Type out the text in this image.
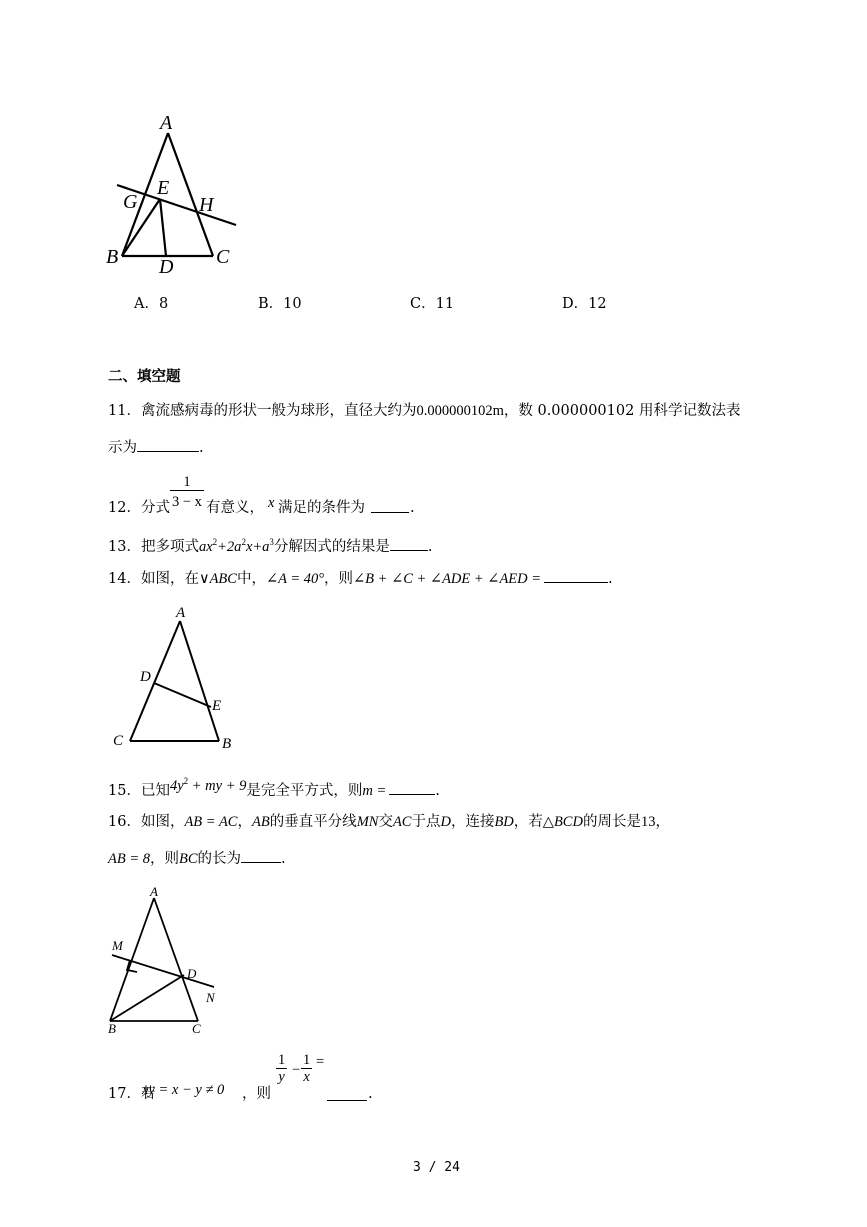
A
E
G	H
B	C
D
A．8	B．10	C．11	D．12
二、填空题
11．禽流感病毒的形状一般为球形，直径大约为0.000000102m，数 0.000000102 用科学记数法表
示为	.
12．分式 $\frac{1}{3 - x}$ 有意义， x 满足的条件为	.
13．把多项式$ax^2+2a^2x+a^3$分解因式的结果是	.
14．如图，在∨ABC中，∠A = 40°，则∠B + ∠C + ∠ADE + ∠AED =	.
A
D
E
C	B
15．已知$4y^2$ + my + 9是完全平方式，则m =	.
16．如图，AB = AC，AB的垂直平分线MN交AC于点D，连接BD，若△BCD的周长是13，
AB = 8，则BC的长为	.
A
M
D
N
B	C
17．若
xy = x − y ≠ 0 ，则
$\frac{1}{y} - \frac{1}{x}$ =
.
3 / 24
